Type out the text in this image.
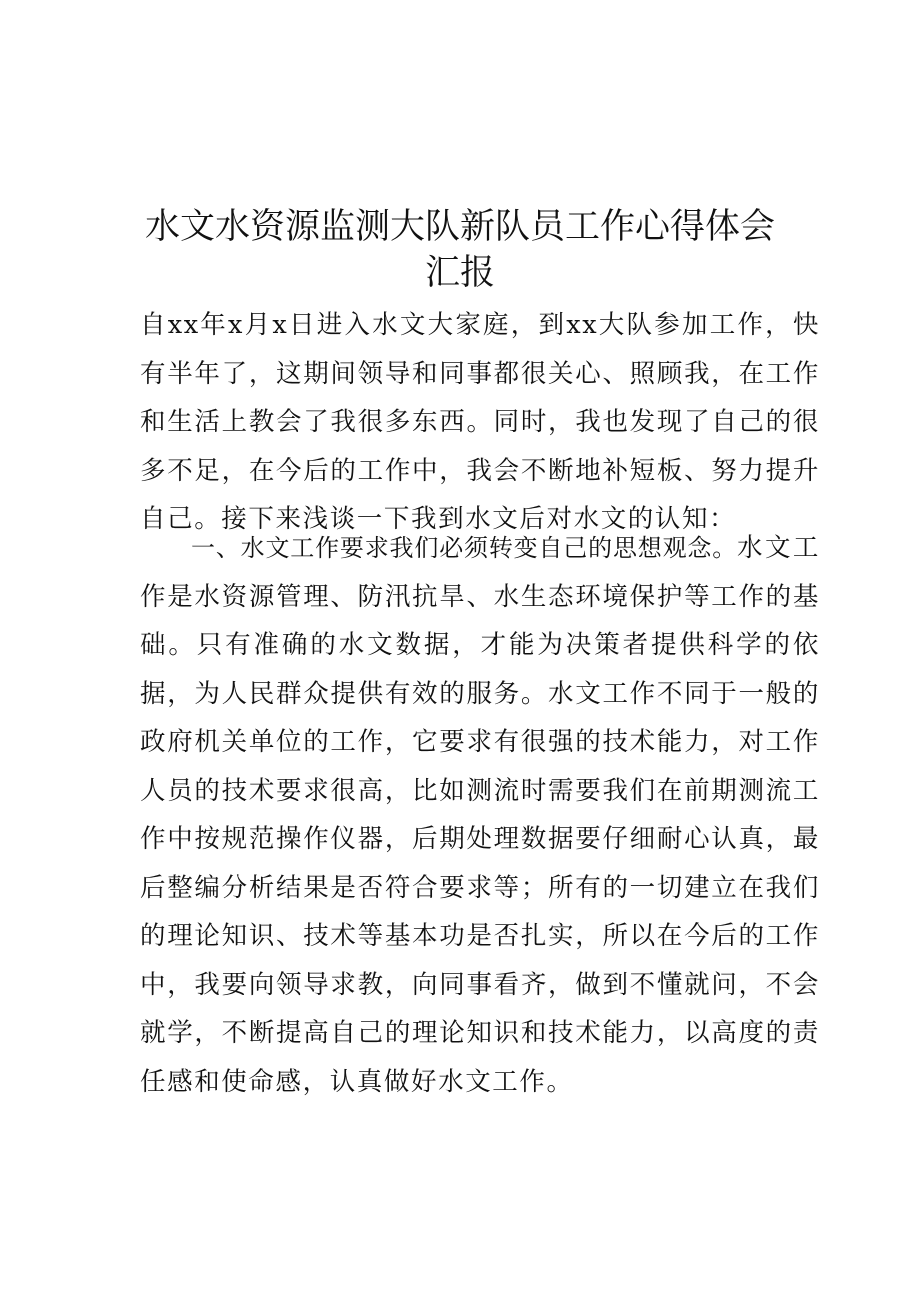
水文水资源监测大队新队员工作心得体会
汇报

自xx年x月x日进入水文大家庭，到xx大队参加工作，快有半年了，这期间领导和同事都很关心、照顾我，在工作和生活上教会了我很多东西。同时，我也发现了自己的很多不足，在今后的工作中，我会不断地补短板、努力提升自己。接下来浅谈一下我到水文后对水文的认知：

一、水文工作要求我们必须转变自己的思想观念。水文工作是水资源管理、防汛抗旱、水生态环境保护等工作的基础。只有准确的水文数据，才能为决策者提供科学的依据，为人民群众提供有效的服务。水文工作不同于一般的政府机关单位的工作，它要求有很强的技术能力，对工作人员的技术要求很高，比如测流时需要我们在前期测流工作中按规范操作仪器，后期处理数据要仔细耐心认真，最后整编分析结果是否符合要求等；所有的一切建立在我们的理论知识、技术等基本功是否扎实，所以在今后的工作中，我要向领导求教，向同事看齐，做到不懂就问，不会就学，不断提高自己的理论知识和技术能力，以高度的责任感和使命感，认真做好水文工作。
